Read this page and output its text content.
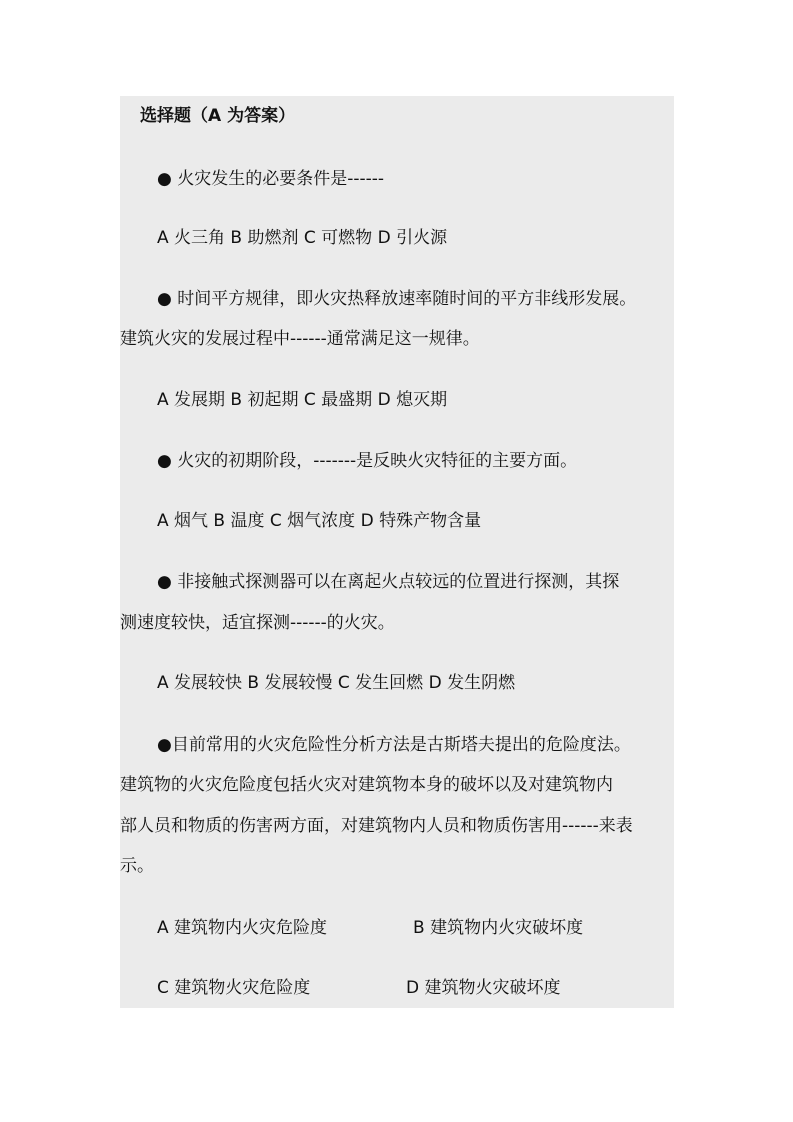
选择题（A 为答案）
● 火灾发生的必要条件是------
A 火三角 B 助燃剂 C 可燃物 D 引火源
● 时间平方规律，即火灾热释放速率随时间的平方非线形发展。
建筑火灾的发展过程中------通常满足这一规律。
A 发展期 B 初起期 C 最盛期 D 熄灭期
● 火灾的初期阶段，-------是反映火灾特征的主要方面。
A 烟气 B 温度 C 烟气浓度 D 特殊产物含量
● 非接触式探测器可以在离起火点较远的位置进行探测，其探
测速度较快，适宜探测------的火灾。
A 发展较快 B 发展较慢 C 发生回燃 D 发生阴燃
●目前常用的火灾危险性分析方法是古斯塔夫提出的危险度法。
建筑物的火灾危险度包括火灾对建筑物本身的破坏以及对建筑物内
部人员和物质的伤害两方面，对建筑物内人员和物质伤害用------来表
示。
A 建筑物内火灾危险度	B 建筑物内火灾破坏度
C 建筑物火灾危险度	D 建筑物火灾破坏度
